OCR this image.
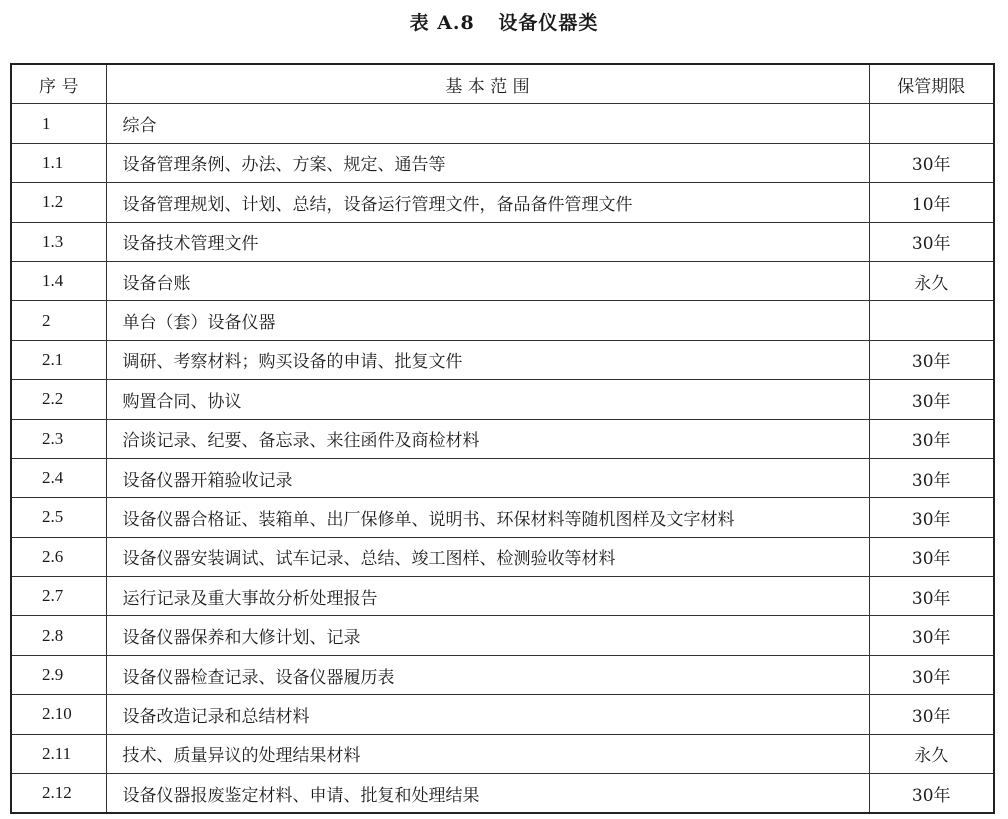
表 A.8 设备仪器类
序 号	基 本 范 围	保管期限
1	综合	
1.1	设备管理条例、办法、方案、规定、通告等	30年
1.2	设备管理规划、计划、总结，设备运行管理文件，备品备件管理文件	10年
1.3	设备技术管理文件	30年
1.4	设备台账	永久
2	单台（套）设备仪器	
2.1	调研、考察材料；购买设备的申请、批复文件	30年
2.2	购置合同、协议	30年
2.3	洽谈记录、纪要、备忘录、来往函件及商检材料	30年
2.4	设备仪器开箱验收记录	30年
2.5	设备仪器合格证、装箱单、出厂保修单、说明书、环保材料等随机图样及文字材料	30年
2.6	设备仪器安装调试、试车记录、总结、竣工图样、检测验收等材料	30年
2.7	运行记录及重大事故分析处理报告	30年
2.8	设备仪器保养和大修计划、记录	30年
2.9	设备仪器检查记录、设备仪器履历表	30年
2.10	设备改造记录和总结材料	30年
2.11	技术、质量异议的处理结果材料	永久
2.12	设备仪器报废鉴定材料、申请、批复和处理结果	30年
